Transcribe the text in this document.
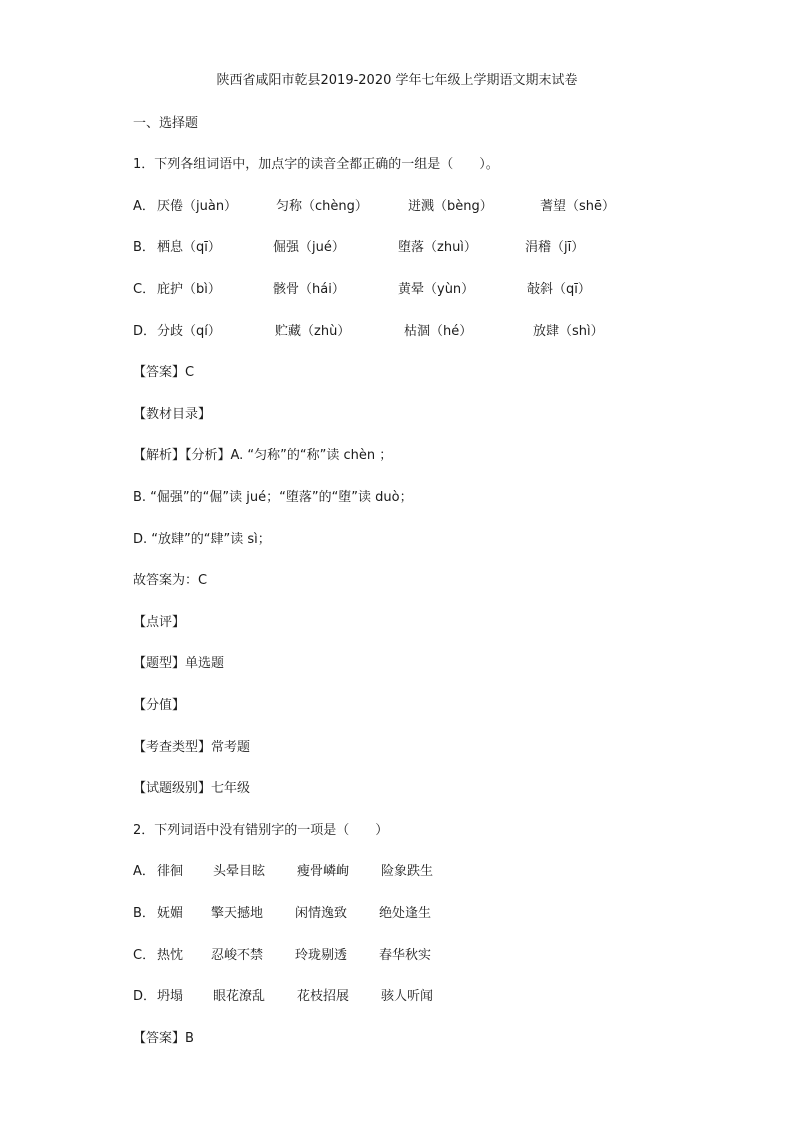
陕西省咸阳市乾县2019-2020 学年七年级上学期语文期末试卷
一、选择题
1．下列各组词语中，加点字的读音全都正确的一组是（　　）。
A． 厌倦（juàn）	匀称（chèng）	迸溅（bèng）	蓍望（shē）
B． 栖息（qī）	倔强（jué）	堕落（zhuì）	涓稽（jī）
C． 庇护（bì）	骸骨（hái）	黄晕（yùn）	敧斜（qī）
D． 分歧（qí）	贮藏（zhù）	枯涸（hé）	放肆（shì）
【答案】C
【教材目录】
【解析】【分析】A. “匀称”的“称”读 chèn ；
B. “倔强”的“倔”读 jué；“堕落”的“堕”读 duò；
D. “放肆”的“肆”读 sì；
故答案为：C
【点评】
【题型】单选题
【分值】
【考查类型】常考题
【试题级别】七年级
2．下列词语中没有错别字的一项是（　　）
A． 徘徊 头晕目眩 瘦骨嶙峋 险象跌生
B． 妩媚 擎天撼地 闲情逸致 绝处逢生
C． 热忱 忍峻不禁 玲珑剔透 春华秋实
D． 坍塌 眼花潦乱 花枝招展 骇人听闻
【答案】B
